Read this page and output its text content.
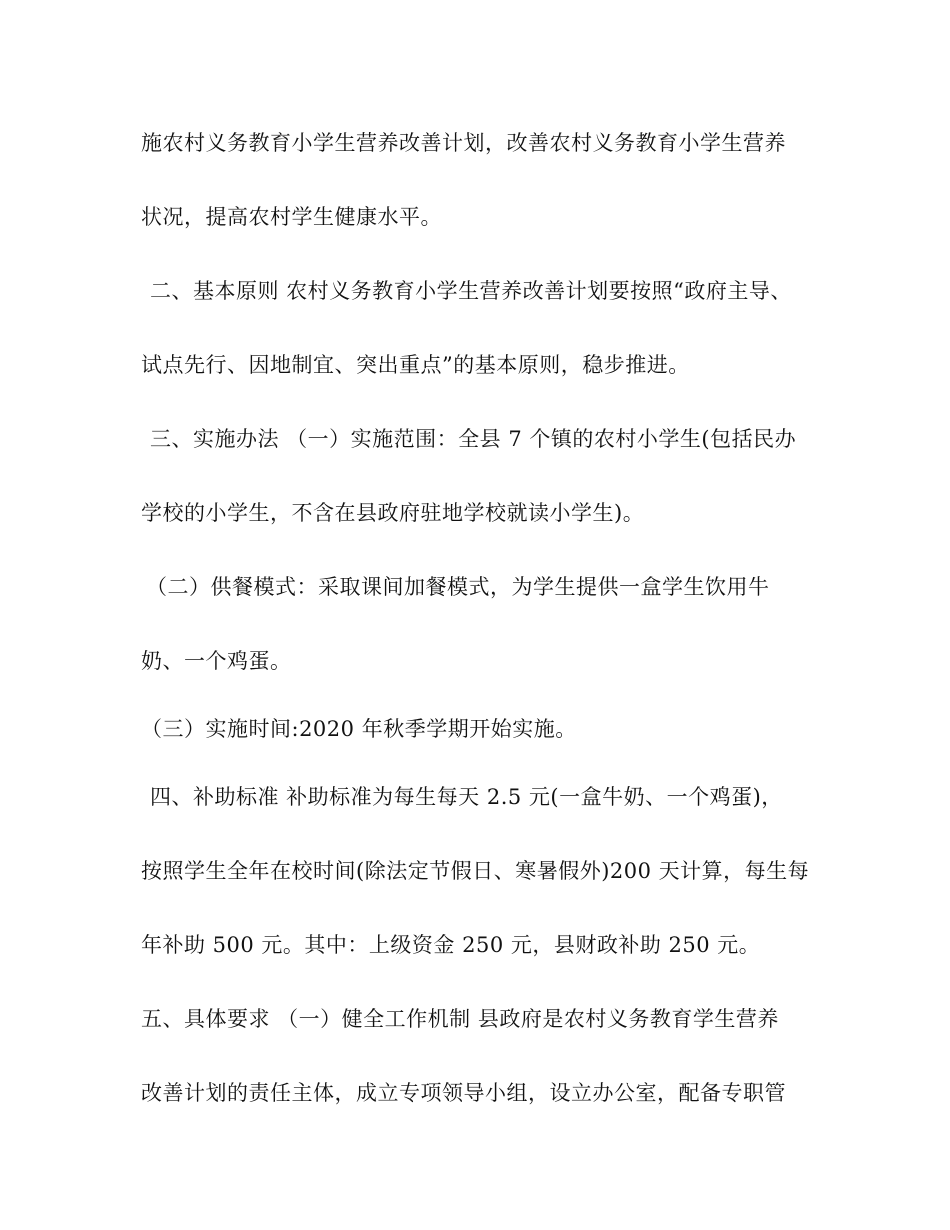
施农村义务教育小学生营养改善计划，改善农村义务教育小学生营养
状况，提高农村学生健康水平。
二、基本原则 农村义务教育小学生营养改善计划要按照“政府主导、
试点先行、因地制宜、突出重点”的基本原则，稳步推进。
三、实施办法 （一）实施范围：全县 7 个镇的农村小学生(包括民办
学校的小学生，不含在县政府驻地学校就读小学生)。
（二）供餐模式：采取课间加餐模式，为学生提供一盒学生饮用牛
奶、一个鸡蛋。
（三）实施时间:2020 年秋季学期开始实施。
四、补助标准 补助标准为每生每天 2.5 元(一盒牛奶、一个鸡蛋)，
按照学生全年在校时间(除法定节假日、寒暑假外)200 天计算，每生每
年补助 500 元。其中：上级资金 250 元，县财政补助 250 元。
五、具体要求 （一）健全工作机制 县政府是农村义务教育学生营养
改善计划的责任主体，成立专项领导小组，设立办公室，配备专职管
